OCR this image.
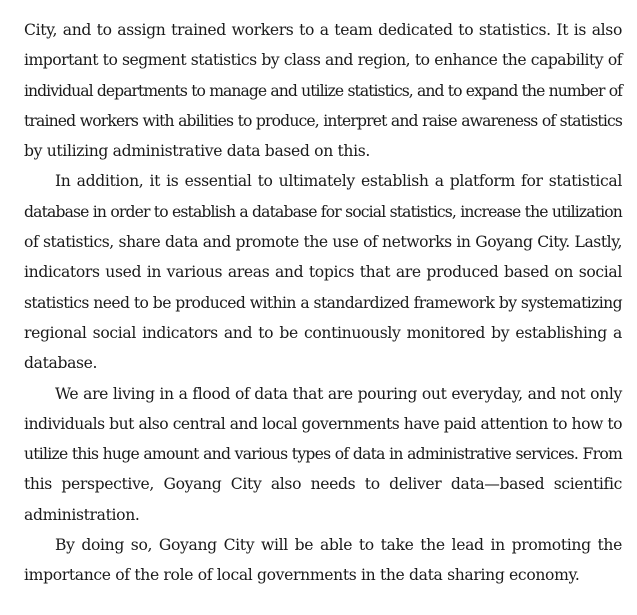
City, and to assign trained workers to a team dedicated to statistics. It is also
important to segment statistics by class and region, to enhance the capability of
individual departments to manage and utilize statistics, and to expand the number of
trained workers with abilities to produce, interpret and raise awareness of statistics
by utilizing administrative data based on this.
In addition, it is essential to ultimately establish a platform for statistical
database in order to establish a database for social statistics, increase the utilization
of statistics, share data and promote the use of networks in Goyang City. Lastly,
indicators used in various areas and topics that are produced based on social
statistics need to be produced within a standardized framework by systematizing
regional social indicators and to be continuously monitored by establishing a
database.
We are living in a flood of data that are pouring out everyday, and not only
individuals but also central and local governments have paid attention to how to
utilize this huge amount and various types of data in administrative services. From
this perspective, Goyang City also needs to deliver data—based scientific
administration.
By doing so, Goyang City will be able to take the lead in promoting the
importance of the role of local governments in the data sharing economy.
